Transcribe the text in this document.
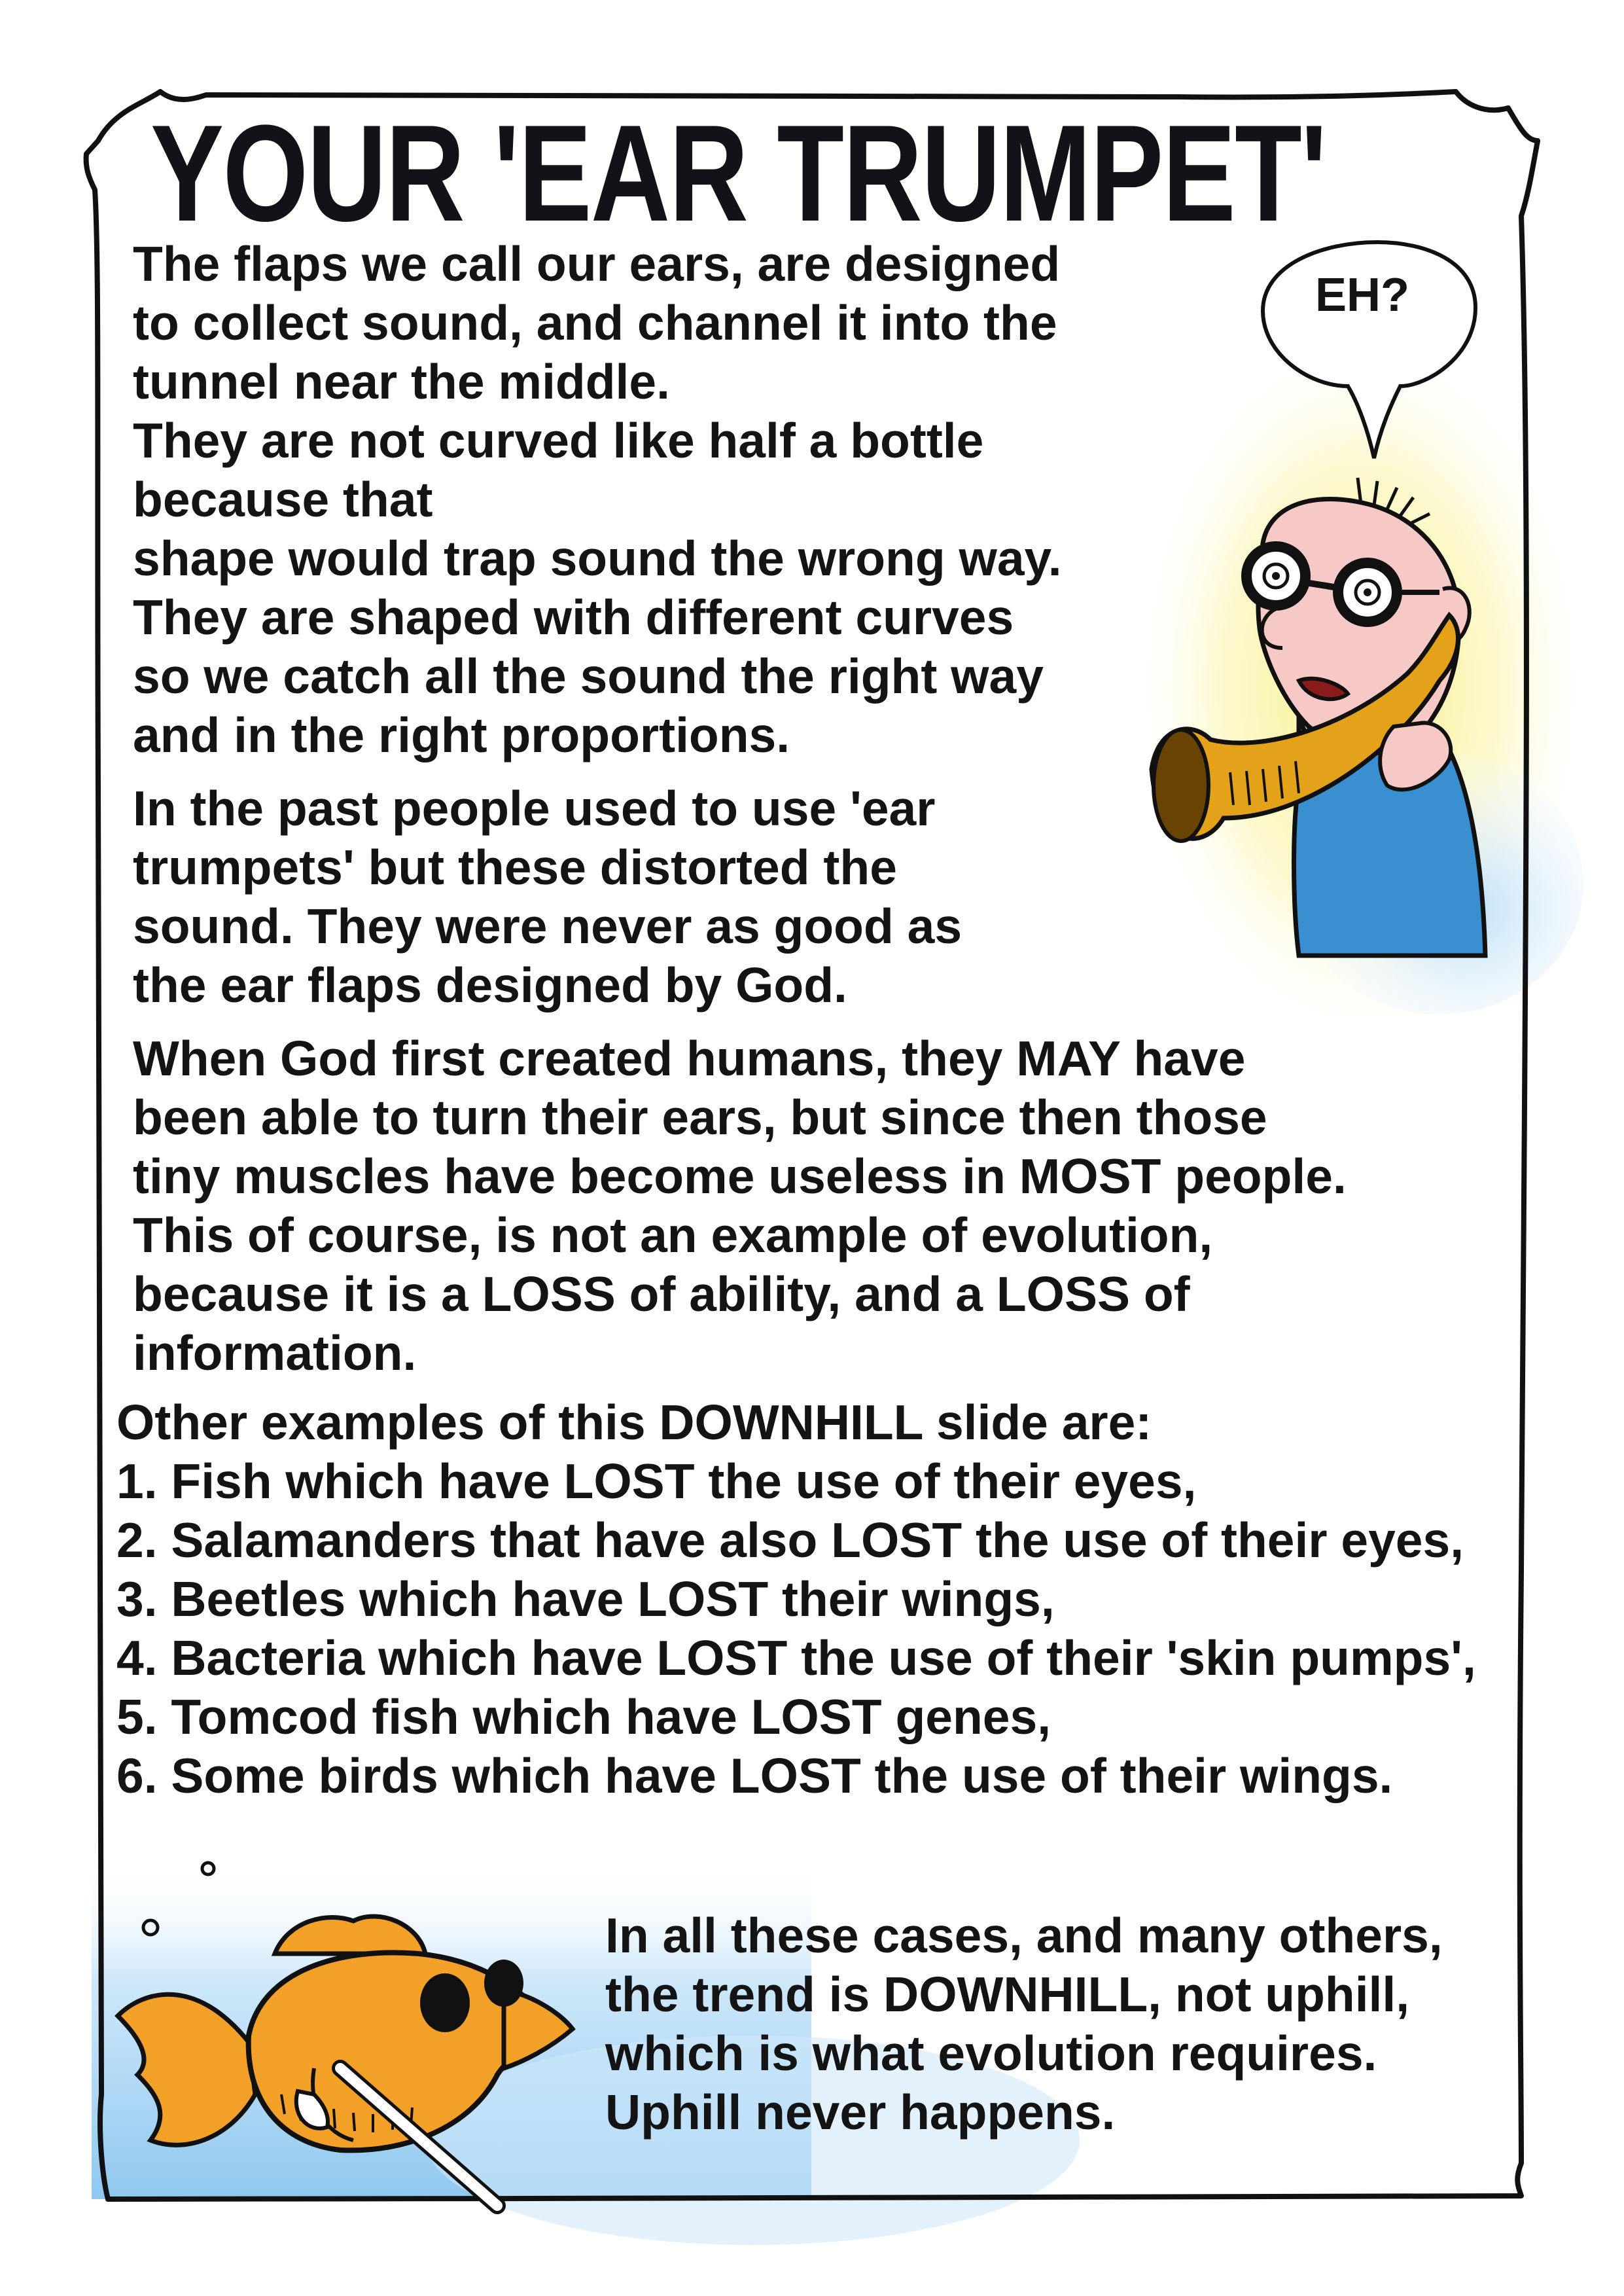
YOUR 'EAR TRUMPET'
EH?
The flaps we call our ears, are designed
to collect sound, and channel it into the
tunnel near the middle.
They are not curved like half a bottle
because that
shape would trap sound the wrong way.
They are shaped with different curves
so we catch all the sound the right way
and in the right proportions.
In the past people used to use 'ear
trumpets' but these distorted the
sound. They were never as good as
the ear flaps designed by God.
When God first created humans, they MAY have
been able to turn their ears, but since then those
tiny muscles have become useless in MOST people.
This of course, is not an example of evolution,
because it is a LOSS of ability, and a LOSS of
information.
Other examples of this DOWNHILL slide are:
1. Fish which have LOST the use of their eyes,
2. Salamanders that have also LOST the use of their eyes,
3. Beetles which have LOST their wings,
4. Bacteria which have LOST the use of their 'skin pumps',
5. Tomcod fish which have LOST genes,
6. Some birds which have LOST the use of their wings.
In all these cases, and many others,
the trend is DOWNHILL, not uphill,
which is what evolution requires.
Uphill never happens.
